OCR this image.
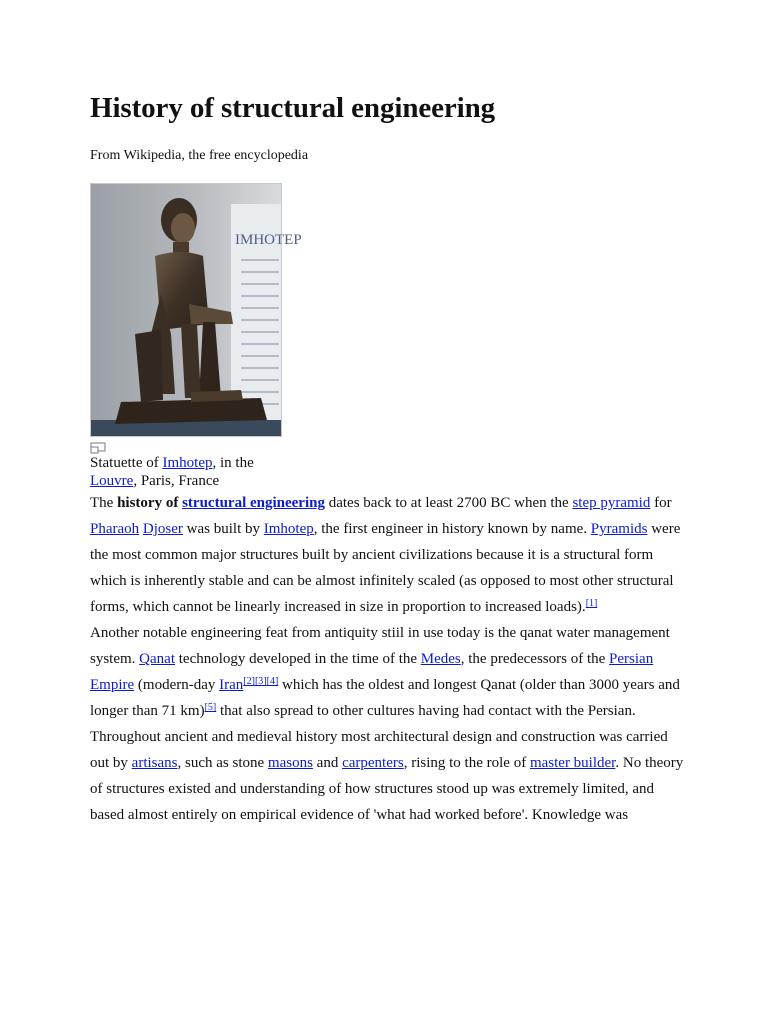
History of structural engineering
From Wikipedia, the free encyclopedia
IMHOTEP
Statuette of Imhotep, in the Louvre, Paris, France

The history of structural engineering dates back to at least 2700 BC when the step pyramid for Pharaoh Djoser was built by Imhotep, the first engineer in history known by name. Pyramids were the most common major structures built by ancient civilizations because it is a structural form which is inherently stable and can be almost infinitely scaled (as opposed to most other structural forms, which cannot be linearly increased in size in proportion to increased loads).[1]

Another notable engineering feat from antiquity stiil in use today is the qanat water management system. Qanat technology developed in the time of the Medes, the predecessors of the Persian Empire (modern-day Iran[2][3][4] which has the oldest and longest Qanat (older than 3000 years and longer than 71 km)[5] that also spread to other cultures having had contact with the Persian.

Throughout ancient and medieval history most architectural design and construction was carried out by artisans, such as stone masons and carpenters, rising to the role of master builder. No theory of structures existed and understanding of how structures stood up was extremely limited, and based almost entirely on empirical evidence of 'what had worked before'. Knowledge was
